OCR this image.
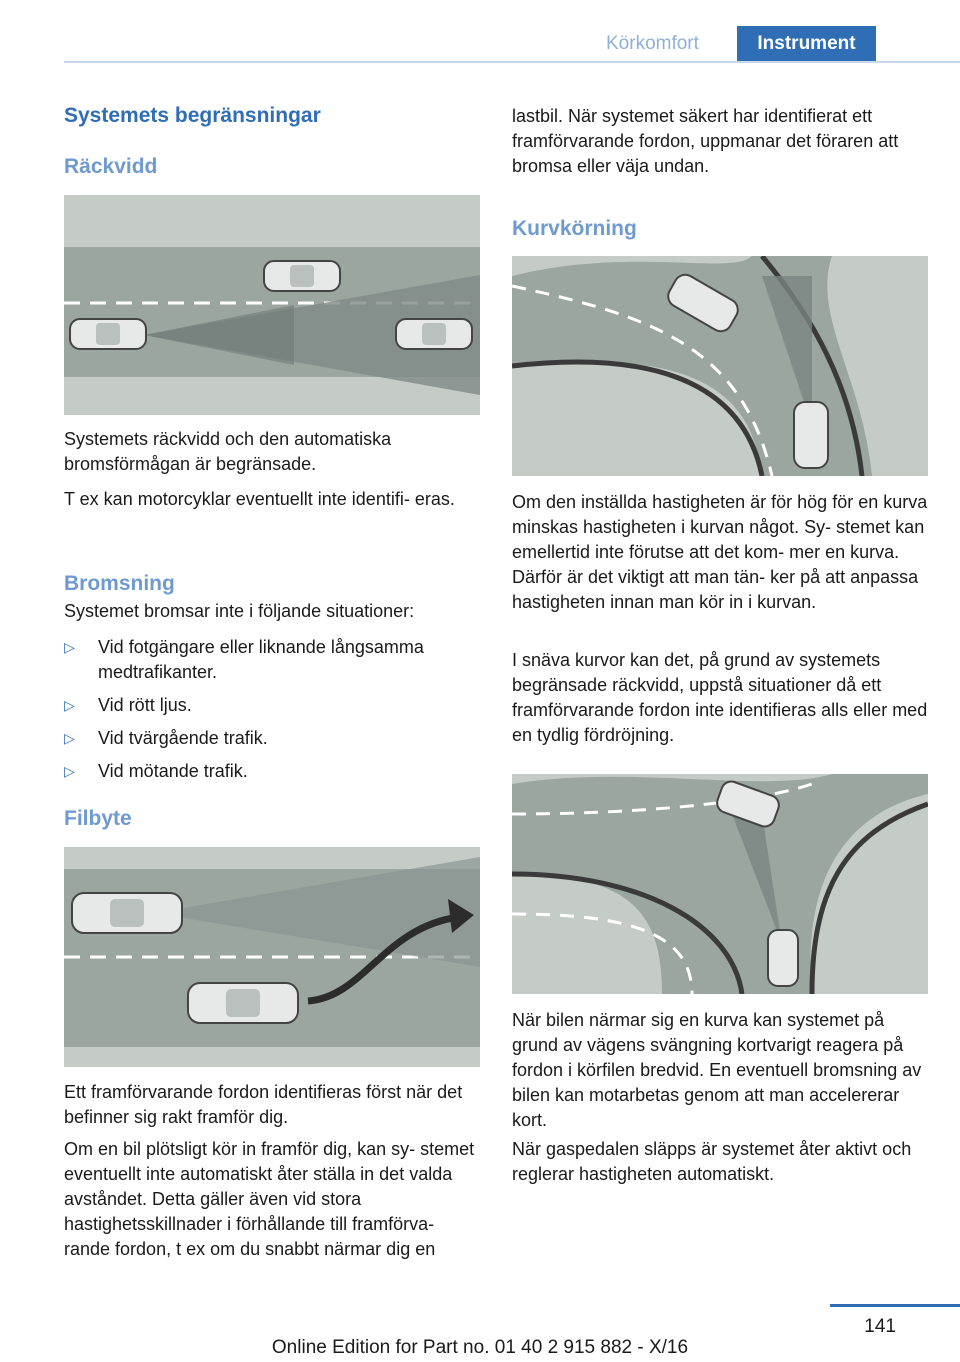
Körkomfort	Instrument
Systemets begränsningar
Räckvidd

Systemets räckvidd och den automatiska bromsförmågan är begränsade.

T ex kan motorcyklar eventuellt inte identifi- eras.

Bromsning

Systemet bromsar inte i följande situationer:

▷ Vid fotgängare eller liknande långsamma medtrafikanter.
▷ Vid rött ljus.
▷ Vid tvärgående trafik.
▷ Vid mötande trafik.
Filbyte

Ett framförvarande fordon identifieras först när det befinner sig rakt framför dig.

Om en bil plötsligt kör in framför dig, kan sy- stemet eventuellt inte automatiskt åter ställa in det valda avståndet. Detta gäller även vid stora hastighetsskillnader i förhållande till framförva- rande fordon, t ex om du snabbt närmar dig en

lastbil. När systemet säkert har identifierat ett framförvarande fordon, uppmanar det föraren att bromsa eller väja undan.

Kurvkörning

Om den inställda hastigheten är för hög för en kurva minskas hastigheten i kurvan något. Sy- stemet kan emellertid inte förutse att det kom- mer en kurva. Därför är det viktigt att man tän- ker på att anpassa hastigheten innan man kör in i kurvan.

I snäva kurvor kan det, på grund av systemets begränsade räckvidd, uppstå situationer då ett framförvarande fordon inte identifieras alls eller med en tydlig fördröjning.

När bilen närmar sig en kurva kan systemet på grund av vägens svängning kortvarigt reagera på fordon i körfilen bredvid. En eventuell bromsning av bilen kan motarbetas genom att man accelererar kort.

När gaspedalen släpps är systemet åter aktivt och reglerar hastigheten automatiskt.

141
Online Edition for Part no. 01 40 2 915 882 - X/16
